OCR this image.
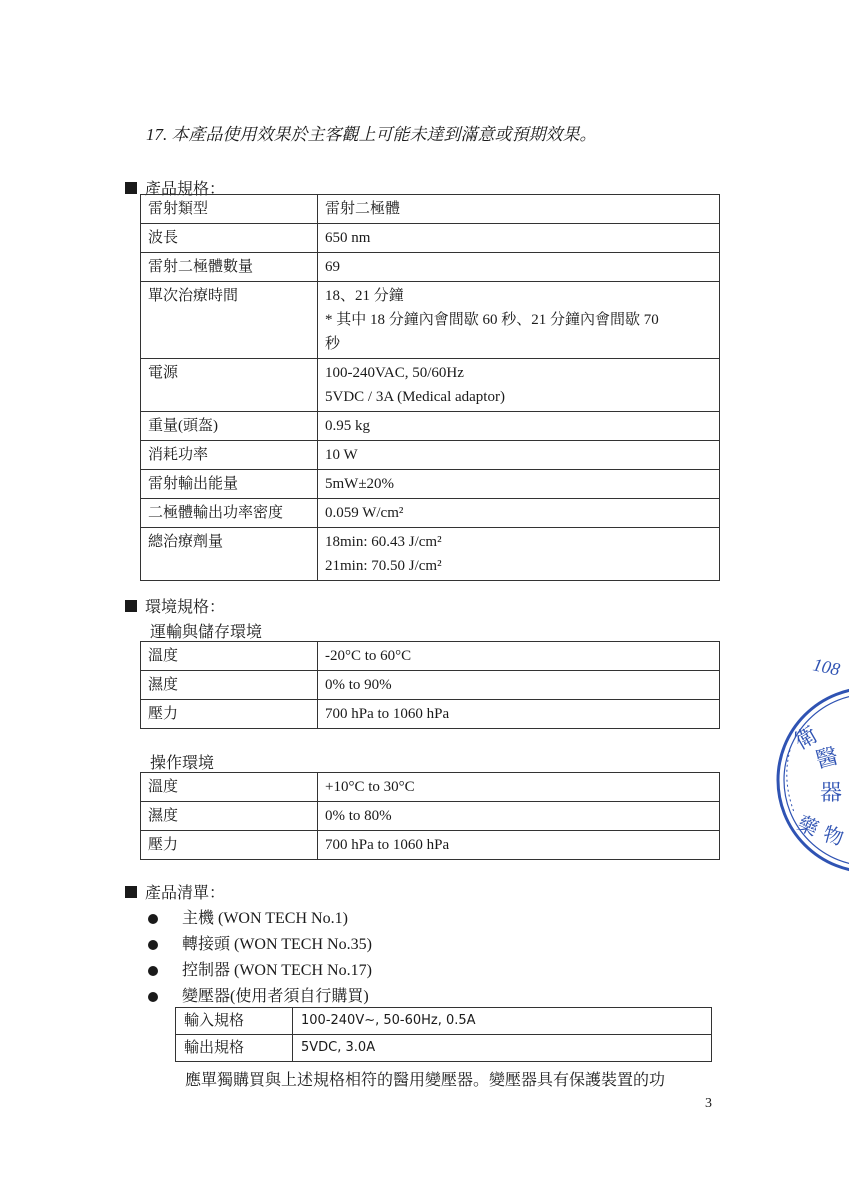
17. 本產品使用效果於主客觀上可能未達到滿意或預期效果。
產品規格：
雷射類型	雷射二極體

波長	650 nm

雷射二極體數量	69

單次治療時間	18、21 分鐘
* 其中 18 分鐘內會間歇 60 秒、21 分鐘內會間歇 70
秒

電源	100-240VAC, 50/60Hz
5VDC / 3A (Medical adaptor)

重量(頭盔)	0.95 kg

消耗功率	10 W

雷射輸出能量	5mW±20%

二極體輸出功率密度	0.059 W/cm²

總治療劑量	18min: 60.43 J/cm²
21min: 70.50 J/cm²
環境規格：
運輸與儲存環境
溫度	-20°C to 60°C

濕度	0% to 90%

壓力	700 hPa to 1060 hPa
操作環境
溫度	+10°C to 30°C

濕度	0% to 80%

壓力	700 hPa to 1060 hPa
產品清單：
主機 (WON TECH No.1)
轉接頭 (WON TECH No.35)
控制器 (WON TECH No.17)
變壓器(使用者須自行購買)
輸入規格	100-240V~, 50-60Hz, 0.5A
輸出規格	5VDC, 3.0A
應單獨購買與上述規格相符的醫用變壓器。變壓器具有保護裝置的功
3
108
衛
醫
器
藥
物
